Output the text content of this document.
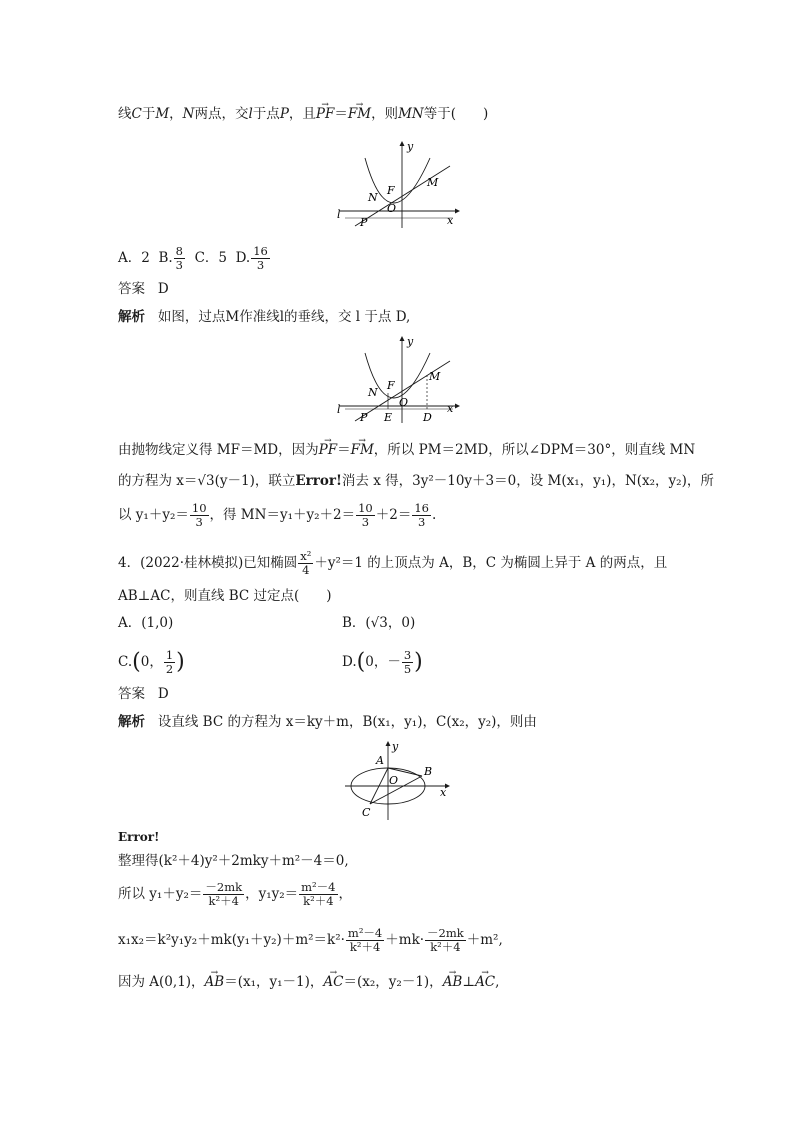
线C于M，N两点，交l于点P，且→ PF＝→ FM，则MN等于(　　)
y
x
M
N
F
O
l
P
A．2 B. $\frac{8}{3}$ C．5 D. $\frac{16}{3}$
答案 D
解析 如图，过点M作准线l的垂线，交 l 于点 D,
y
x
M
N
F
O
l
P E	D
由抛物线定义得 MF＝MD，因为→ PF＝→ FM，所以 PM＝2MD，所以∠DPM＝30°，则直线 MN
的方程为 x＝√3(y－1)，联立Error!消去 x 得，3y²－10y＋3＝0，设 M(x₁，y₁)，N(x₂，y₂)，所
以 $y_1+y_2= \frac{10}{3}$ ，得 $MN=y_1+y_2+2= \frac{10}{3} +2= \frac{16}{3}$ .
4．(2022·桂林模拟)已知椭圆 $\frac{\text{x²}}{4} +y^2=1$ 的上顶点为 A，B，C 为椭圆上异于 A 的两点，且
AB⊥AC，则直线 BC 过定点(　　)
A．(1,0)	B．(√3，0)
C.(0， $\frac{1}{2}$ )	D.(0，－ $\frac{3}{5}$ )
答案 D
解析 设直线 BC 的方程为 x＝ky＋m，B(x₁，y₁)，C(x₂，y₂)，则由
y
x
A
B
O
C
Error!
整理得(k²＋4)y²＋2mky＋m²－4＝0,
所以 $y_1+y_2= \frac{-2mk}{\text{k²＋4}}$ ，$y_1y_2= \frac{\text{m²－4}}{\text{k²＋4}}$ ，
$x_1x_2=k^2y_1y_2+mk(y_1+y_2)+m^2=k^2\cdot \frac{\text{m²－4}}{\text{k²＋4}} +mk\cdot \frac{-2mk}{\text{k²＋4}} +m^2$,
因为 A(0,1)，→ AB＝(x₁，y₁－1)，→ AC＝(x₂，y₂－1)，→ AB⊥→ AC,
